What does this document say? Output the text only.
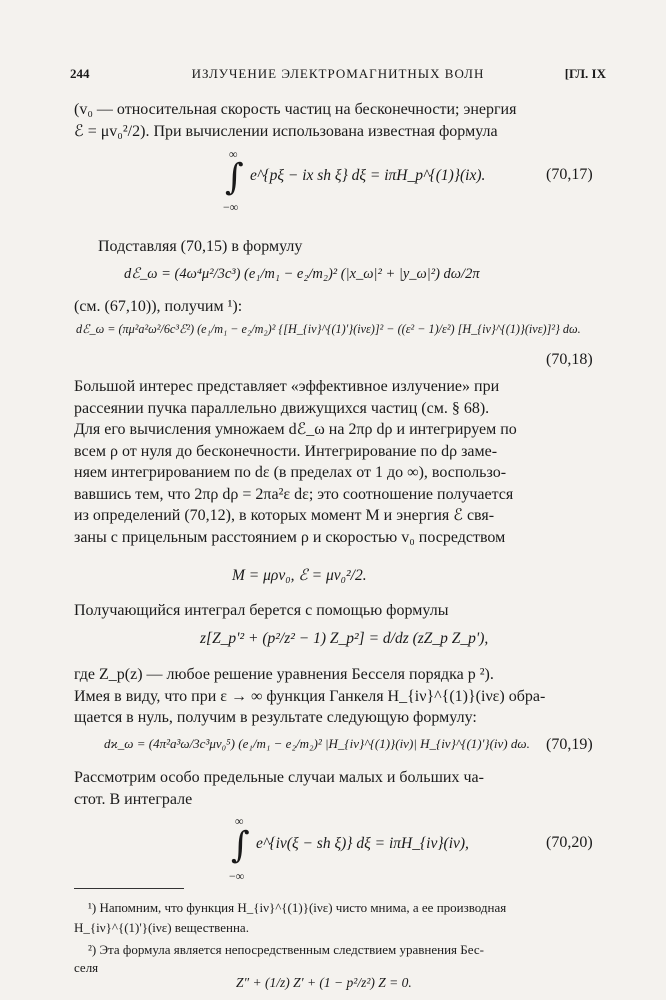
244	ИЗЛУЧЕНИЕ ЭЛЕКТРОМАГНИТНЫХ ВОЛН	[ГЛ. IX
(v₀ — относительная скорость частиц на бесконечности; энергия
ℰ = μv₀²/2). При вычислении использована известная формула
∫
∞
−∞
e^{pξ − ix sh ξ} dξ = iπH_p^{(1)}(ix).	(70,17)
Подставляя (70,15) в формулу
dℰ_ω = (4ω⁴μ²/3c³) (e₁/m₁ − e₂/m₂)² (|x_ω|² + |y_ω|²) dω/2π
(см. (67,10)), получим ¹):
dℰ_ω = (πμ²a²ω²/6c³ℰ²) (e₁/m₁ − e₂/m₂)² {[H_{iν}^{(1)'}(iνε)]² − ((ε² − 1)/ε²) [H_{iν}^{(1)}(iνε)]²} dω.
(70,18)
Большой интерес представляет «эффективное излучение» при
рассеянии пучка параллельно движущихся частиц (см. § 68).
Для его вычисления умножаем dℰ_ω на 2πρ dρ и интегрируем по
всем ρ от нуля до бесконечности. Интегрирование по dρ заме-
няем интегрированием по dε (в пределах от 1 до ∞), воспользо-
вавшись тем, что 2πρ dρ = 2πa²ε dε; это соотношение получается
из определений (70,12), в которых момент M и энергия ℰ свя-
заны с прицельным расстоянием ρ и скоростью v₀ посредством
M = μρv₀, ℰ = μv₀²/2.
Получающийся интеграл берется с помощью формулы
z[Z_p'² + (p²/z² − 1) Z_p²] = d/dz (zZ_p Z_p'),
где Z_p(z) — любое решение уравнения Бесселя порядка p ²).
Имея в виду, что при ε → ∞ функция Ганкеля H_{iν}^{(1)}(iνε) обра-
щается в нуль, получим в результате следующую формулу:
dϰ_ω = (4π²a³ω/3c³μv₀⁵) (e₁/m₁ − e₂/m₂)² |H_{iν}^{(1)}(iν)| H_{iν}^{(1)'}(iν) dω. (70,19)
Рассмотрим особо предельные случаи малых и больших ча-
стот. В интеграле
∫
∞
−∞
e^{iν(ξ − sh ξ)} dξ = iπH_{iν}(iν),	(70,20)
¹) Напомним, что функция H_{iν}^{(1)}(iνε) чисто мнима, а ее производная
H_{iν}^{(1)'}(iνε) вещественна.
²) Эта формула является непосредственным следствием уравнения Бес-
селя
Z″ + (1/z) Z′ + (1 − p²/z²) Z = 0.
